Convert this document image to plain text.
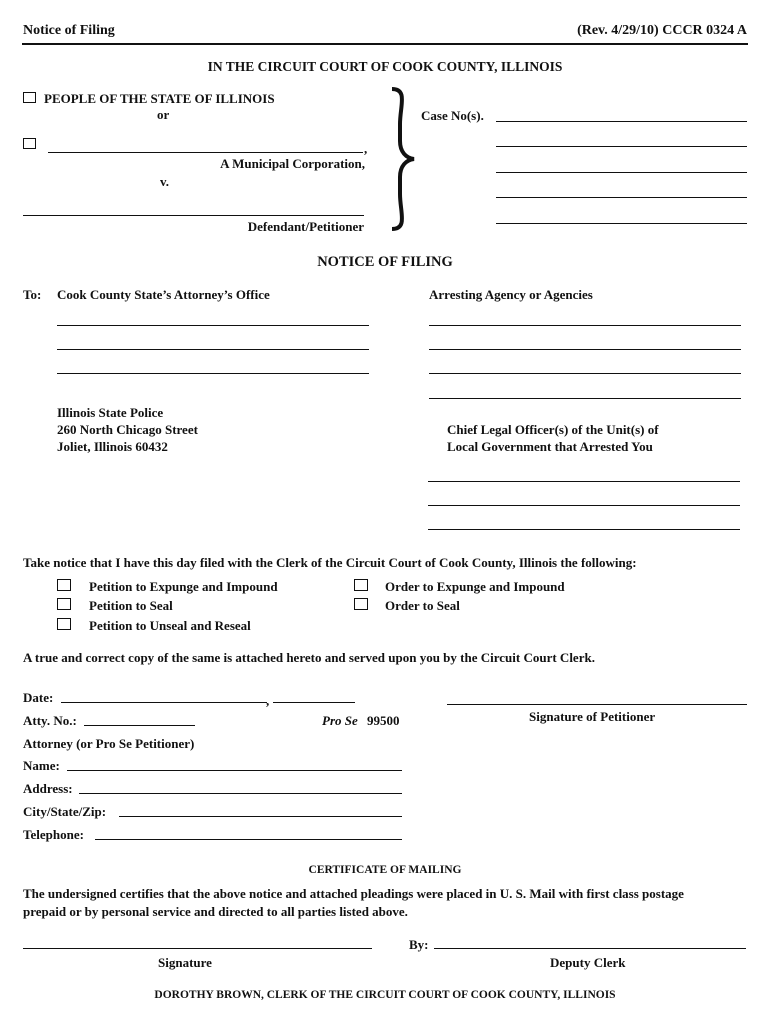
Notice of Filing	(Rev. 4/29/10) CCCR 0324 A
IN THE CIRCUIT COURT OF COOK COUNTY, ILLINOIS
PEOPLE OF THE STATE OF ILLINOIS
or
,
A Municipal Corporation,
v.
Defendant/Petitioner
Case No(s).
NOTICE OF FILING
To: Cook County State’s Attorney’s Office	Arresting Agency or Agencies
Illinois State Police
260 North Chicago Street
Joliet, Illinois 60432
Chief Legal Officer(s) of the Unit(s) of
Local Government that Arrested You
Take notice that I have this day filed with the Clerk of the Circuit Court of Cook County, Illinois the following:
Petition to Expunge and Impound
Petition to Seal
Petition to Unseal and Reseal
Order to Expunge and Impound
Order to Seal
A true and correct copy of the same is attached hereto and served upon you by the Circuit Court Clerk.
Date:	,
Signature of Petitioner
Atty. No.:	Pro Se 99500
Attorney (or Pro Se Petitioner)
Name:
Address:
City/State/Zip:
Telephone:
CERTIFICATE OF MAILING
The undersigned certifies that the above notice and attached pleadings were placed in U. S. Mail with first class postage
prepaid or by personal service and directed to all parties listed above.
Signature
By:
Deputy Clerk
DOROTHY BROWN, CLERK OF THE CIRCUIT COURT OF COOK COUNTY, ILLINOIS
